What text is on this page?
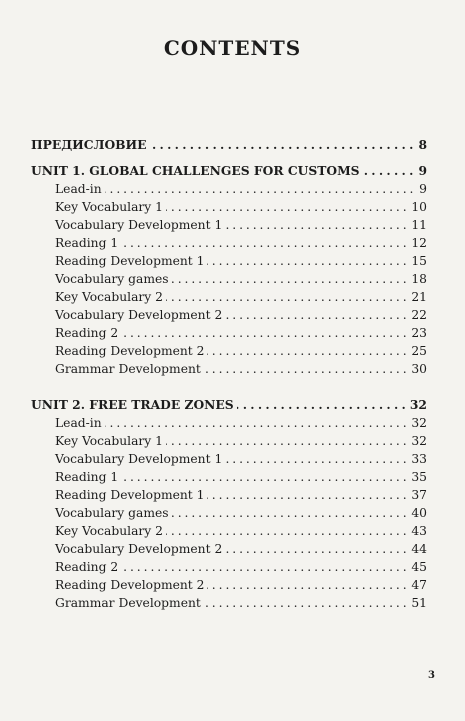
CONTENTS
. . .
ПРЕДИСЛОВИЕ	8
. . .
UNIT 1. GLOBAL CHALLENGES FOR CUSTOMS	9
. . .
Lead-in	9
. . .
Key Vocabulary 1	10
. . .
Vocabulary Development 1	11
. . .
Reading 1	12
. . .
Reading Development 1	15
. . .
Vocabulary games	18
. . .
Key Vocabulary 2	21
. . .
Vocabulary Development 2	22
. . .
Reading 2	23
. . .
Reading Development 2	25
. . .
Grammar Development	30
. . .
UNIT 2. FREE TRADE ZONES	32
. . .
Lead-in	32
. . .
Key Vocabulary 1	32
. . .
Vocabulary Development 1	33
. . .
Reading 1	35
. . .
Reading Development 1	37
. . .
Vocabulary games	40
. . .
Key Vocabulary 2	43
. . .
Vocabulary Development 2	44
. . .
Reading 2	45
. . .
Reading Development 2	47
. . .
Grammar Development	51
3
